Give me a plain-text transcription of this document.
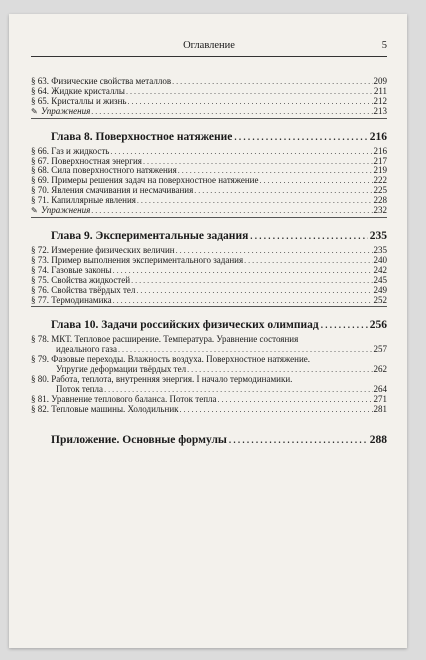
Оглавление	5
§ 63. Физические свойства металлов . . .	209
§ 64. Жидкие кристаллы . . .	211
§ 65. Кристаллы и жизнь . . .	212
✎ Упражнения . . .	213
Глава 8. Поверхностное натяжение . . .	216
§ 66. Газ и жидкость . . .	216
§ 67. Поверхностная энергия . . .	217
§ 68. Сила поверхностного натяжения . . .	219
§ 69. Примеры решения задач на поверхностное натяжение . . .	222
§ 70. Явления смачивания и несмачивания . . .	225
§ 71. Капиллярные явления . . .	228
✎ Упражнения . . .	232
Глава 9. Экспериментальные задания . . .	235
§ 72. Измерение физических величин . . .	235
§ 73. Пример выполнения экспериментального задания . . .	240
§ 74. Газовые законы . . .	242
§ 75. Свойства жидкостей . . .	245
§ 76. Свойства твёрдых тел . . .	249
§ 77. Термодинамика . . .	252
Глава 10. Задачи российских физических олимпиад . . .	256
§ 78. МКТ. Тепловое расширение. Температура. Уравнение состояния
идеального газа . . .	257
§ 79. Фазовые переходы. Влажность воздуха. Поверхностное натяжение.
Упругие деформации твёрдых тел . . .	262
§ 80. Работа, теплота, внутренняя энергия. I начало термодинамики.
Поток тепла . . .	264
§ 81. Уравнение теплового баланса. Поток тепла . . .	271
§ 82. Тепловые машины. Холодильник . . .	281
Приложение. Основные формулы . . .	288
